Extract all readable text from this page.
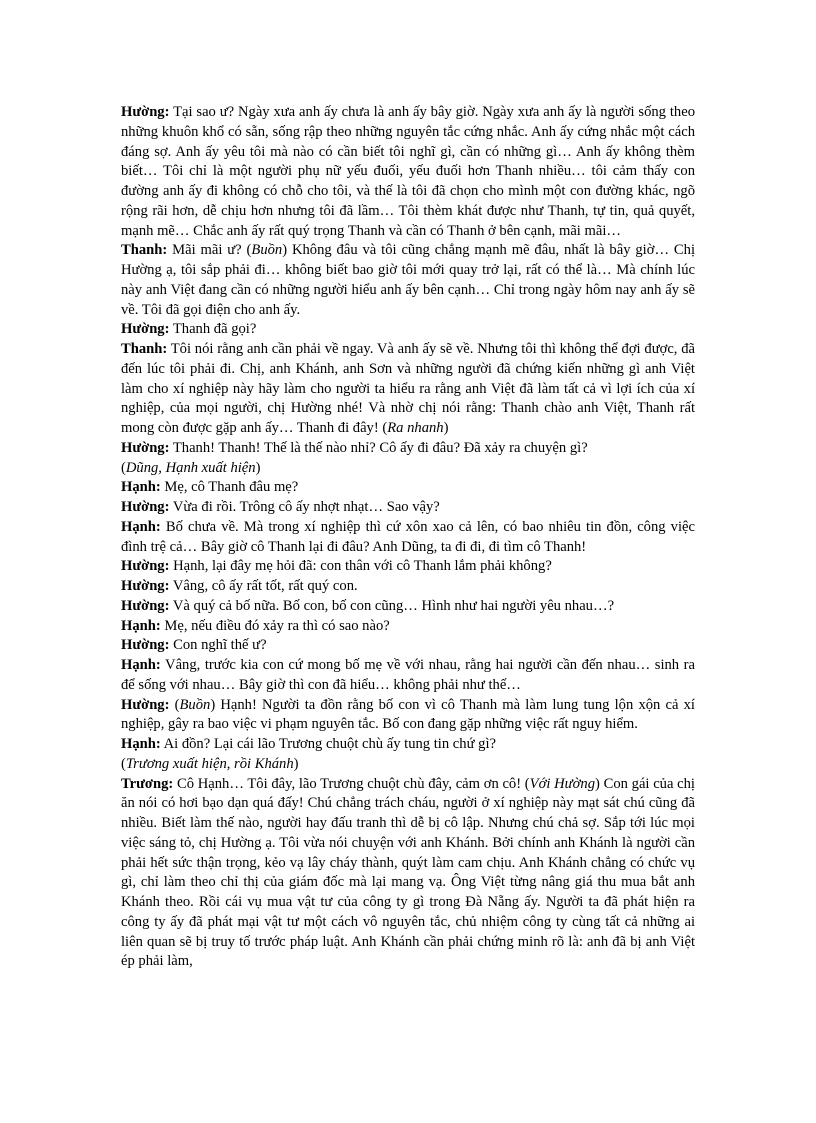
Hường: Tại sao ư? Ngày xưa anh ấy chưa là anh ấy bây giờ. Ngày xưa anh ấy là người sống theo những khuôn khổ có sẵn, sống rập theo những nguyên tắc cứng nhắc. Anh ấy cứng nhắc một cách đáng sợ. Anh ấy yêu tôi mà nào có cần biết tôi nghĩ gì, cần có những gì… Anh ấy không thèm biết… Tôi chỉ là một người phụ nữ yếu đuối, yếu đuối hơn Thanh nhiều… tôi cảm thấy con đường anh ấy đi không có chỗ cho tôi, và thế là tôi đã chọn cho mình một con đường khác, ngõ rộng rãi hơn, dễ chịu hơn nhưng tôi đã lầm… Tôi thèm khát được như Thanh, tự tin, quả quyết, mạnh mẽ… Chắc anh ấy rất quý trọng Thanh và cần có Thanh ở bên cạnh, mãi mãi…

Thanh: Mãi mãi ư? (Buồn) Không đâu và tôi cũng chẳng mạnh mẽ đâu, nhất là bây giờ… Chị Hường ạ, tôi sắp phải đi… không biết bao giờ tôi mới quay trở lại, rất có thể là… Mà chính lúc này anh Việt đang cần có những người hiểu anh ấy bên cạnh… Chỉ trong ngày hôm nay anh ấy sẽ về. Tôi đã gọi điện cho anh ấy.

Hường: Thanh đã gọi?

Thanh: Tôi nói rằng anh cần phải về ngay. Và anh ấy sẽ về. Nhưng tôi thì không thể đợi được, đã đến lúc tôi phải đi. Chị, anh Khánh, anh Sơn và những người đã chứng kiến những gì anh Việt làm cho xí nghiệp này hãy làm cho người ta hiểu ra rằng anh Việt đã làm tất cả vì lợi ích của xí nghiệp, của mọi người, chị Hường nhé! Và nhờ chị nói rằng: Thanh chào anh Việt, Thanh rất mong còn được gặp anh ấy… Thanh đi đây! (Ra nhanh)

Hường: Thanh! Thanh! Thế là thế nào nhỉ? Cô ấy đi đâu? Đã xảy ra chuyện gì?

(Dũng, Hạnh xuất hiện)

Hạnh: Mẹ, cô Thanh đâu mẹ?

Hường: Vừa đi rồi. Trông cô ấy nhợt nhạt… Sao vậy?

Hạnh: Bố chưa về. Mà trong xí nghiệp thì cứ xôn xao cả lên, có bao nhiêu tin đồn, công việc đình trệ cả… Bây giờ cô Thanh lại đi đâu? Anh Dũng, ta đi đi, đi tìm cô Thanh!

Hường: Hạnh, lại đây mẹ hỏi đã: con thân với cô Thanh lắm phải không?

Hường: Vâng, cô ấy rất tốt, rất quý con.

Hường: Và quý cả bố nữa. Bố con, bố con cũng… Hình như hai người yêu nhau…?

Hạnh: Mẹ, nếu điều đó xảy ra thì có sao nào?

Hường: Con nghĩ thế ư?

Hạnh: Vâng, trước kia con cứ mong bố mẹ về với nhau, rằng hai người cần đến nhau… sinh ra để sống với nhau… Bây giờ thì con đã hiểu… không phải như thế…

Hường: (Buồn) Hạnh! Người ta đồn rằng bố con vì cô Thanh mà làm lung tung lộn xộn cả xí nghiệp, gây ra bao việc vi phạm nguyên tắc. Bố con đang gặp những việc rất nguy hiểm.

Hạnh: Ai đồn? Lại cái lão Trương chuột chù ấy tung tin chứ gì?

(Trương xuất hiện, rồi Khánh)

Trương: Cô Hạnh… Tôi đây, lão Trương chuột chù đây, cảm ơn cô! (Với Hường) Con gái của chị ăn nói có hơi bạo dạn quá đấy! Chú chẳng trách cháu, người ở xí nghiệp này mạt sát chú cũng đã nhiều. Biết làm thế nào, người hay đấu tranh thì dễ bị cô lập. Nhưng chú chả sợ. Sắp tới lúc mọi việc sáng tỏ, chị Hường ạ. Tôi vừa nói chuyện với anh Khánh. Bởi chính anh Khánh là người cần phải hết sức thận trọng, kẻo vạ lây cháy thành, quýt làm cam chịu. Anh Khánh chẳng có chức vụ gì, chỉ làm theo chỉ thị của giám đốc mà lại mang vạ. Ông Việt từng nâng giá thu mua bắt anh Khánh theo. Rồi cái vụ mua vật tư của công ty gì trong Đà Nẵng ấy. Người ta đã phát hiện ra công ty ấy đã phát mại vật tư một cách vô nguyên tắc, chủ nhiệm công ty cùng tất cả những ai liên quan sẽ bị truy tố trước pháp luật. Anh Khánh cần phải chứng minh rõ là: anh đã bị anh Việt ép phải làm,
